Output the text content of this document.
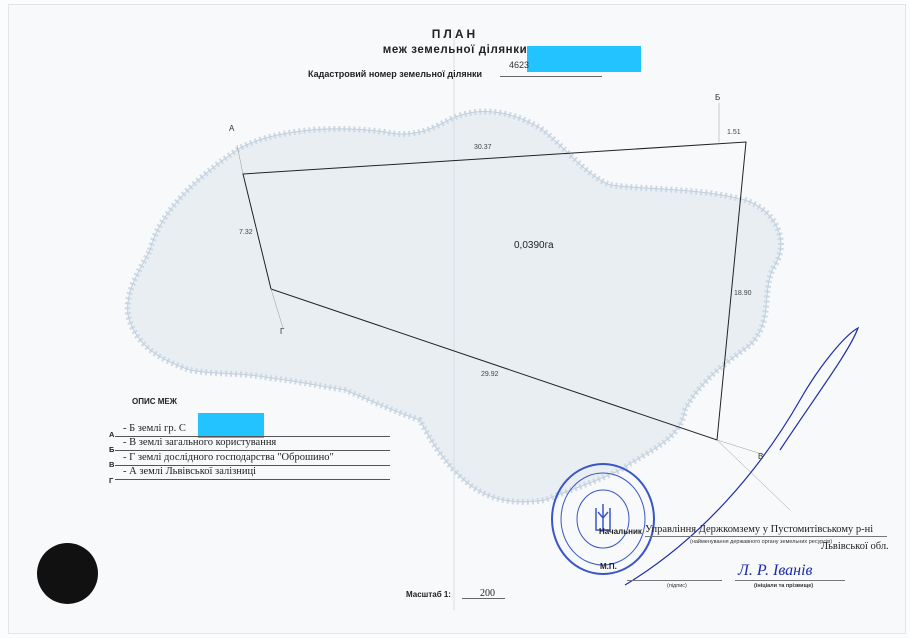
ПЛАН
меж земельної ділянки
4623
Кадастровий номер земельної ділянки
А
Б
В
Г
30.37
1.51
7.32
18.90
29.92
0,0390га
ОПИС МЕЖ
А
- Б землі гр. С
Б
- В землі загального користування
В
- Г землі дослідного господарства "Оброшино"
Г
- А землі Львівської залізниці
Масштаб 1:	200
Начальник Управління Держкомзему у Пустомитівському р-ні
(найменування державного органу земельних ресурсів)
Львівської обл.
М.П.
(підпис)
Л. Р. Іванів
(ініціали та прізвище)
